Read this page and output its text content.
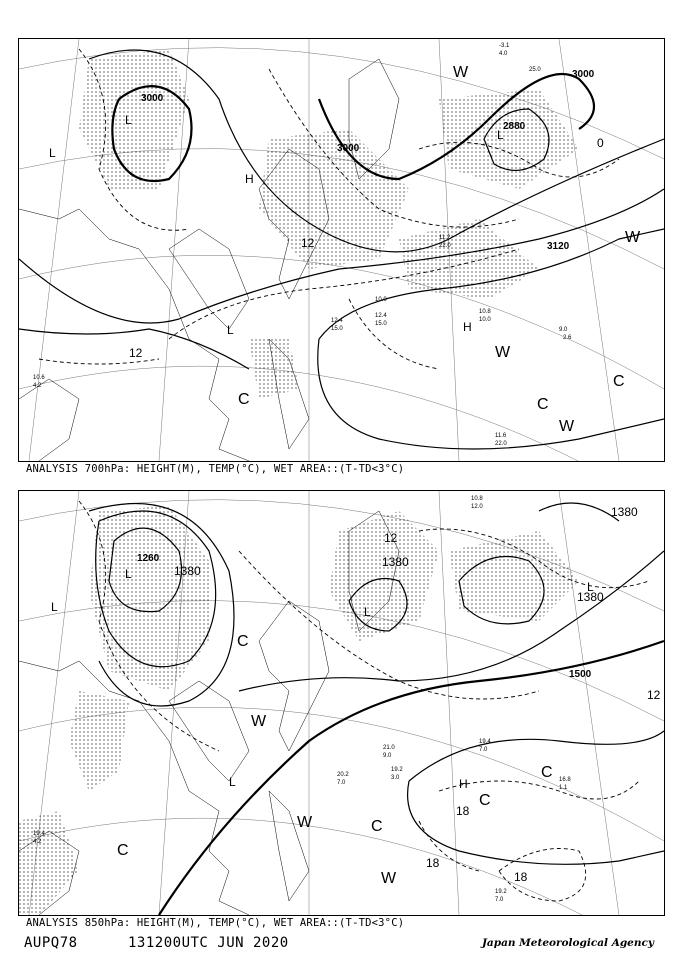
3000
3000
3000
3120
2880
12
12
0
L
L
L
L
H
H
C	C
C
W
W
W
W
-3.1
4.0
25.0
11.2
22.0
10.0
12.4
15.0
11.6
22.0
9.0
2.6
10.8
10.0
10.6
4.2
12.4
15.0
ANALYSIS 700hPa: HEIGHT(M), TEMP(°C), WET AREA::(T-TD<3°C)
1260
1380
1380
1380
1380
1500
12
12
18
18
18
L
L	L
L
L	H
C
C
C
C
C
W
W
W
10.8
12.0
21.0
9.0
19.4
7.0
16.8
1.1
19.2
7.0
19.4
4.2
20.2
7.0
19.2
3.0
ANALYSIS 850hPa: HEIGHT(M), TEMP(°C), WET AREA::(T-TD<3°C)
AUPQ78	131200UTC JUN 2020	Japan Meteorological Agency
